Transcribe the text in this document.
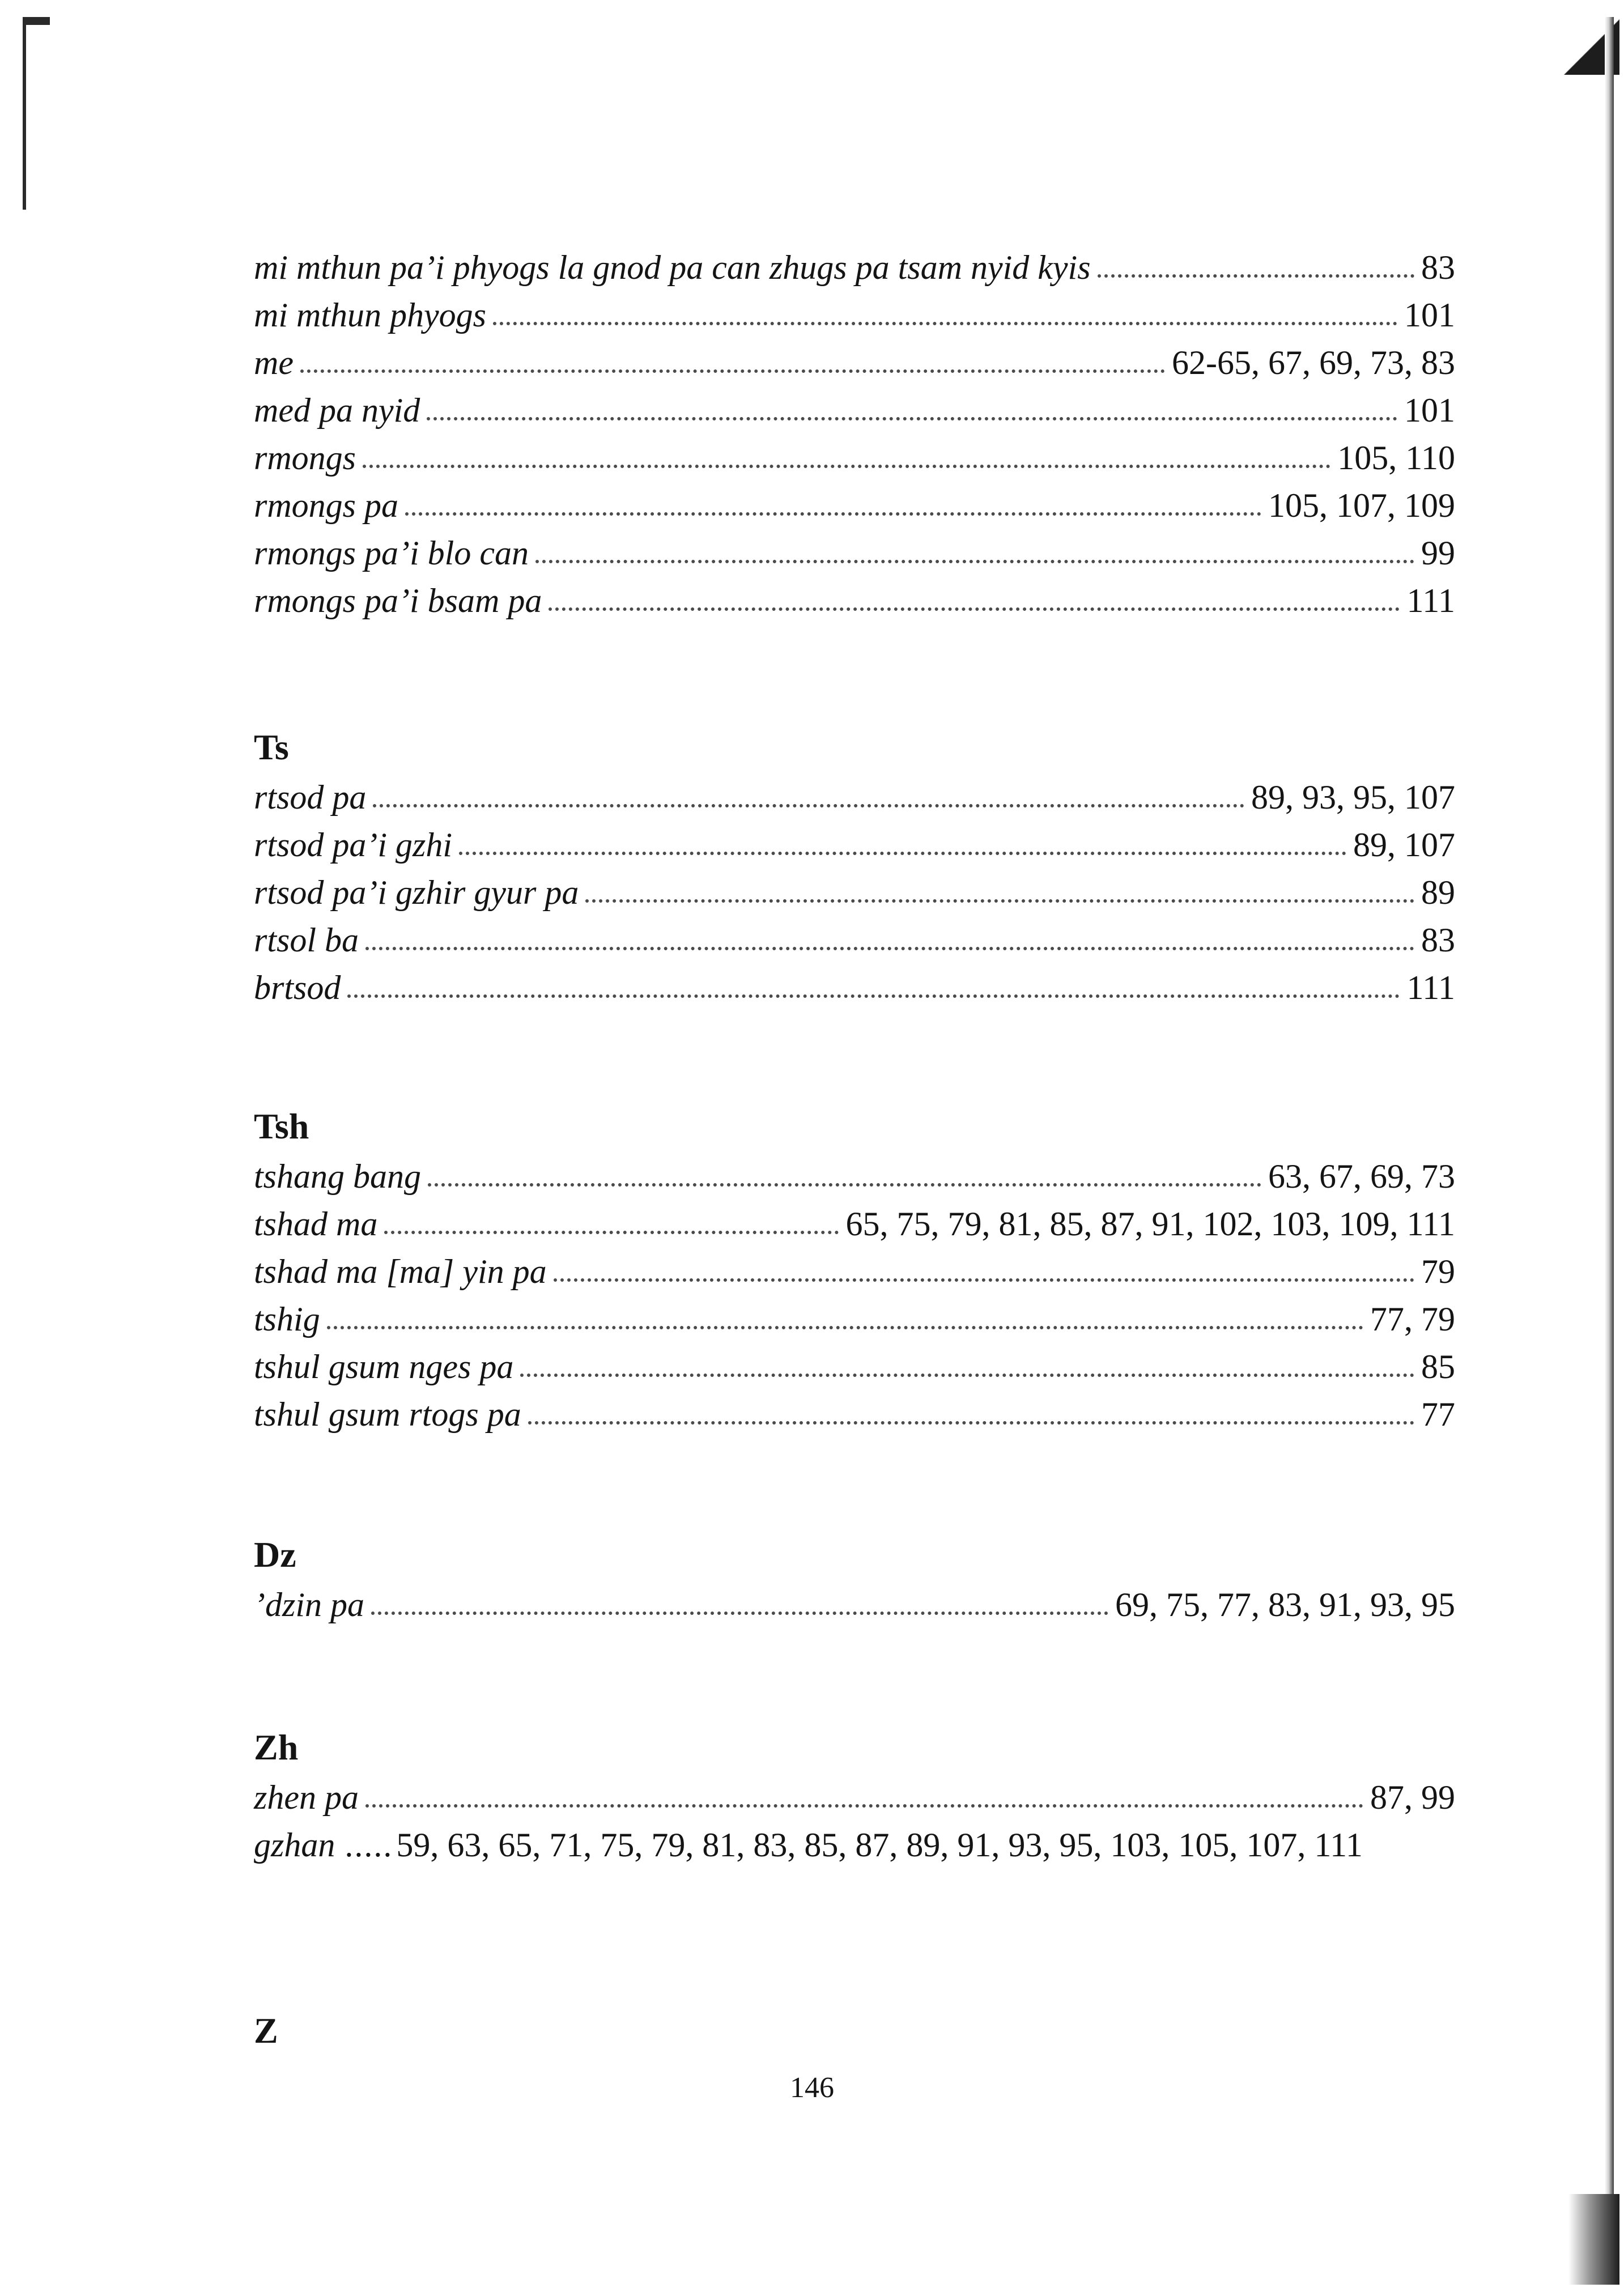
mi mthun pa’i phyogs la gnod pa can zhugs pa tsam nyid kyis	83
mi mthun phyogs	101
me	62-65, 67, 69, 73, 83
med pa nyid	101
rmongs	105, 110
rmongs pa	105, 107, 109
rmongs pa’i blo can	99
rmongs pa’i bsam pa	111
Ts
rtsod pa	89, 93, 95, 107
rtsod pa’i gzhi	89, 107
rtsod pa’i gzhir gyur pa	89
rtsol ba	83
brtsod	111
Tsh
tshang bang	63, 67, 69, 73
tshad ma	65, 75, 79, 81, 85, 87, 91, 102, 103, 109, 111
tshad ma [ma] yin pa	79
tshig	77, 79
tshul gsum nges pa	85
tshul gsum rtogs pa	77
Dz
’dzin pa	69, 75, 77, 83, 91, 93, 95
Zh
zhen pa	87, 99
gzhan ..... 59, 63, 65, 71, 75, 79, 81, 83, 85, 87, 89, 91, 93, 95, 103, 105, 107, 111
Z
146
